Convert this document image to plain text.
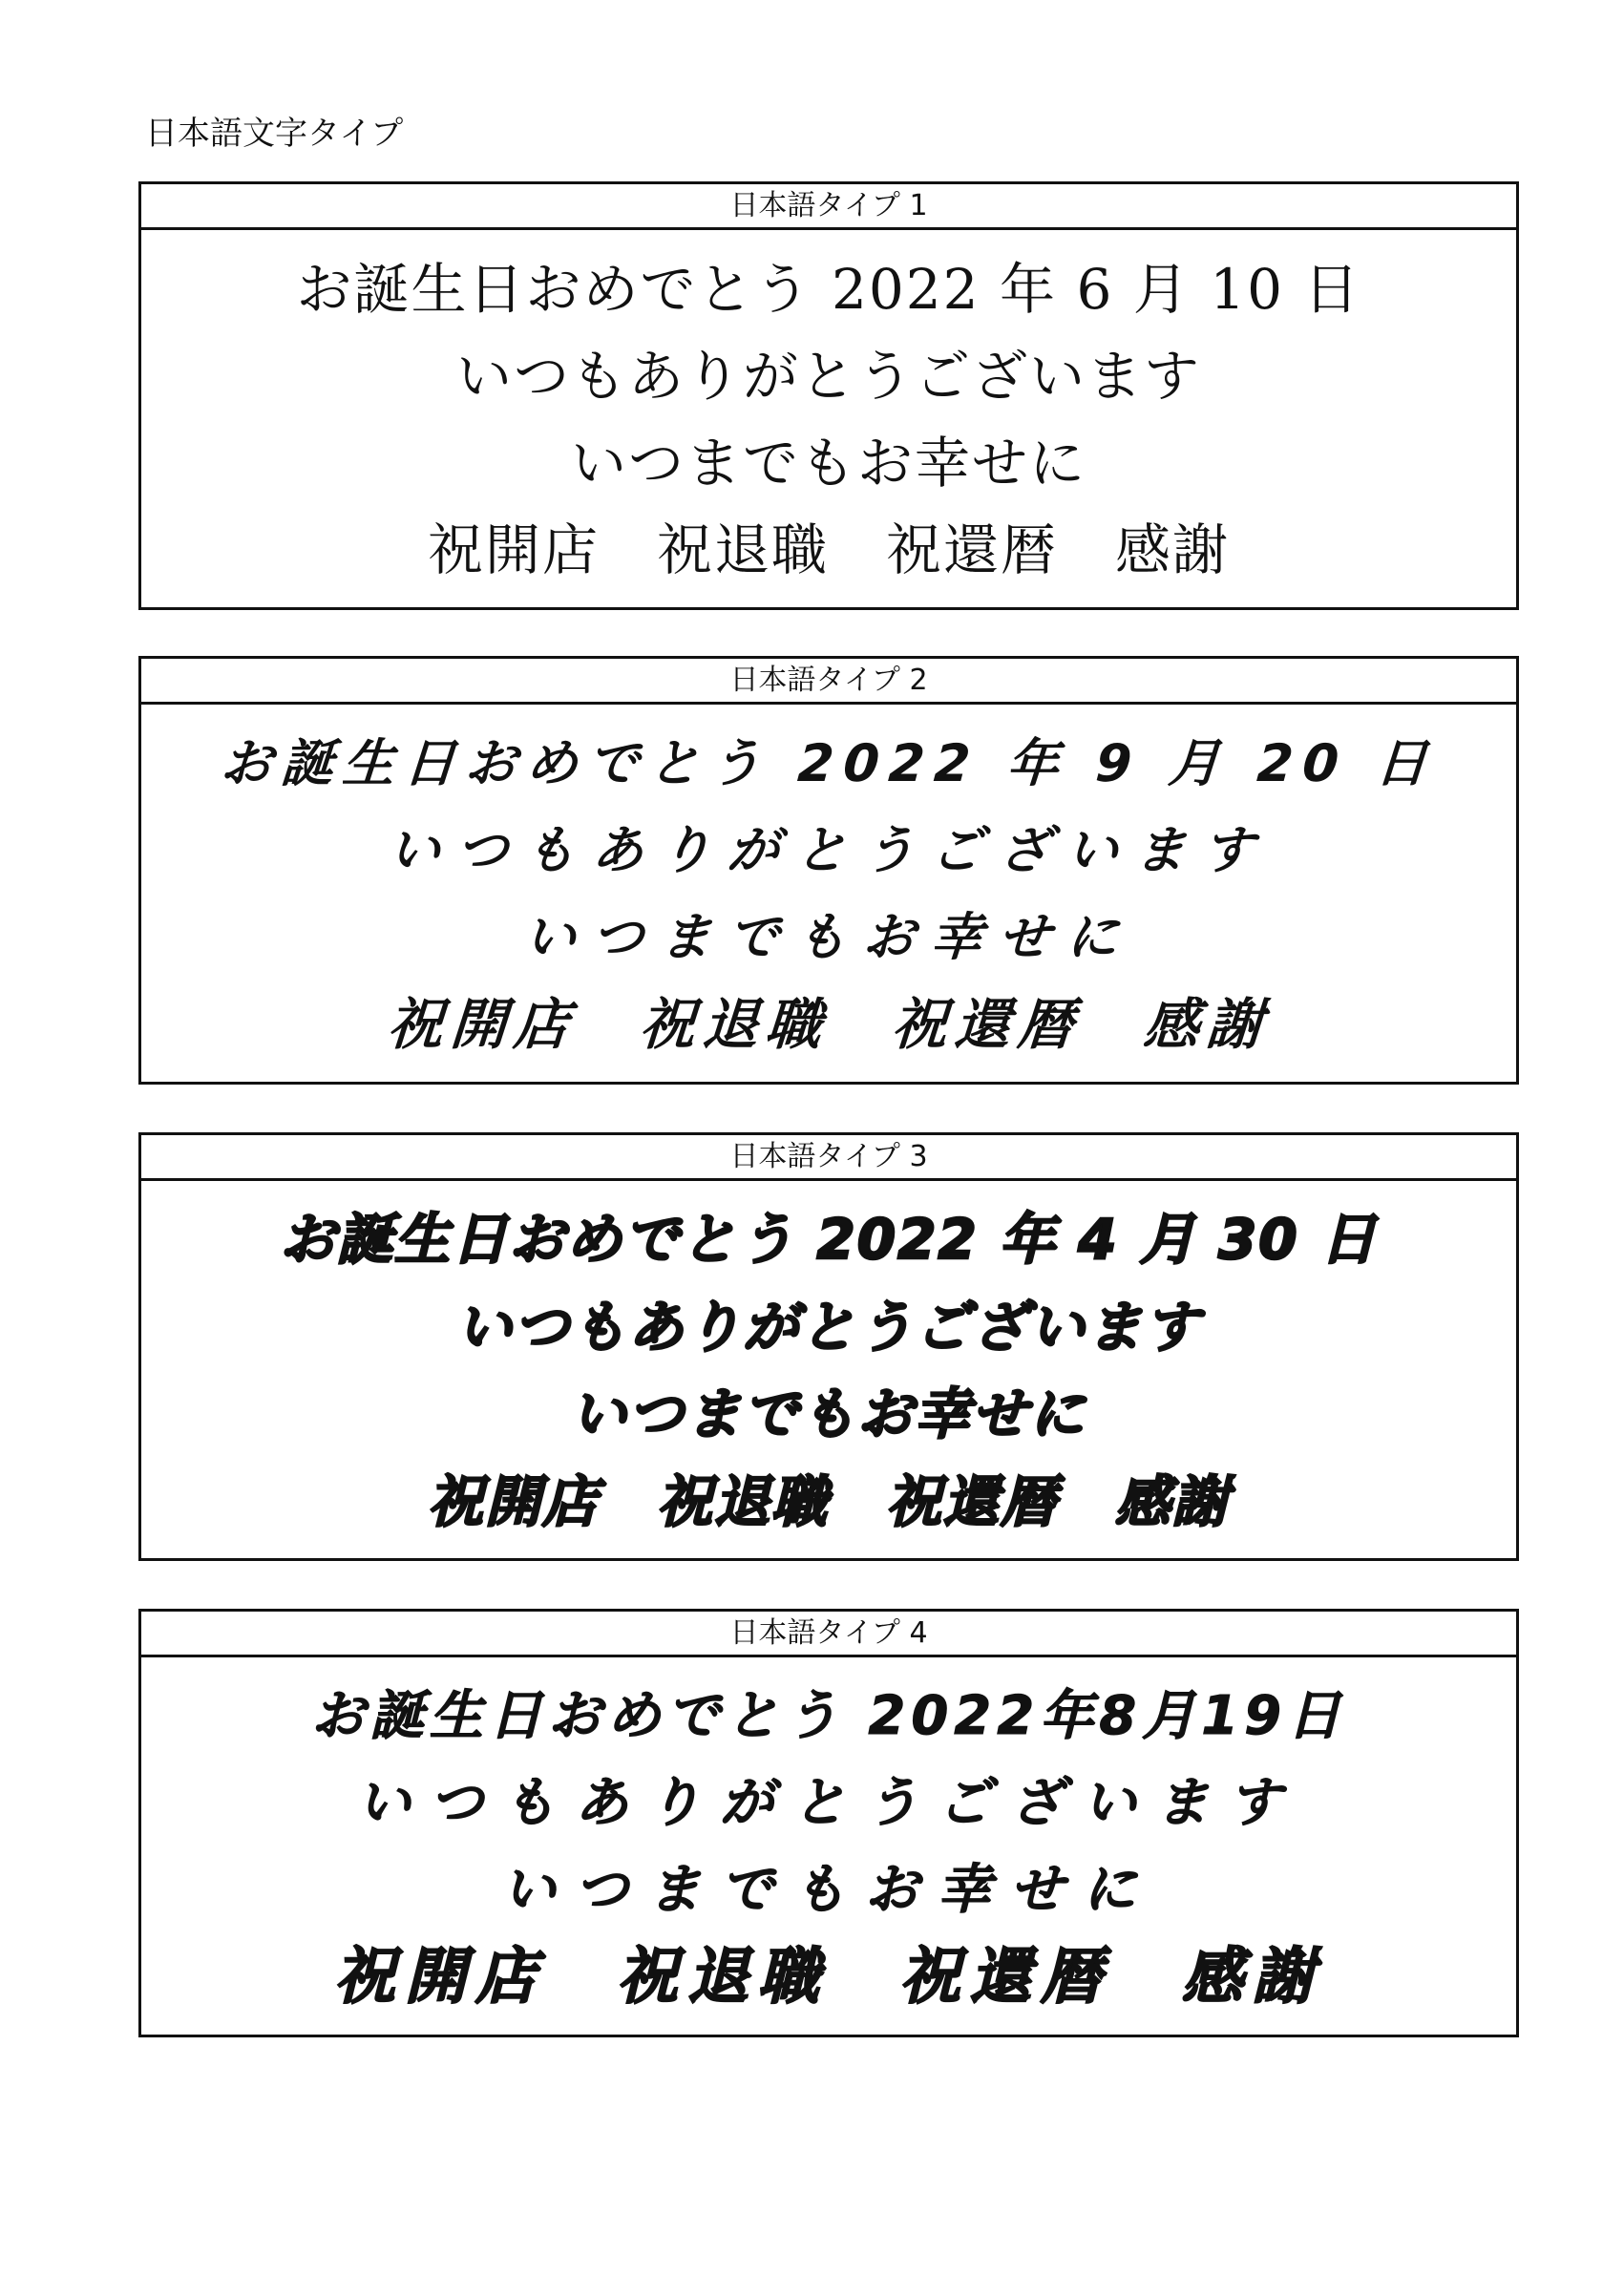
日本語文字タイプ
日本語タイプ 1
お誕生日おめでとう 2022 年 6 月 10 日
いつもありがとうございます
いつまでもお幸せに
祝開店　祝退職　祝還暦　感謝
日本語タイプ 2
お誕生日おめでとう 2022 年 9 月 20 日
いつもありがとうございます
いつまでもお幸せに
祝開店　祝退職　祝還暦　感謝
日本語タイプ 3
お誕生日おめでとう 2022 年 4 月 30 日
いつもありがとうございます
いつまでもお幸せに
祝開店　祝退職　祝還暦　感謝
日本語タイプ 4
お誕生日おめでとう 2022年8月19日
いつもありがとうございます
いつまでもお幸せに
祝開店　祝退職　祝還暦　感謝
